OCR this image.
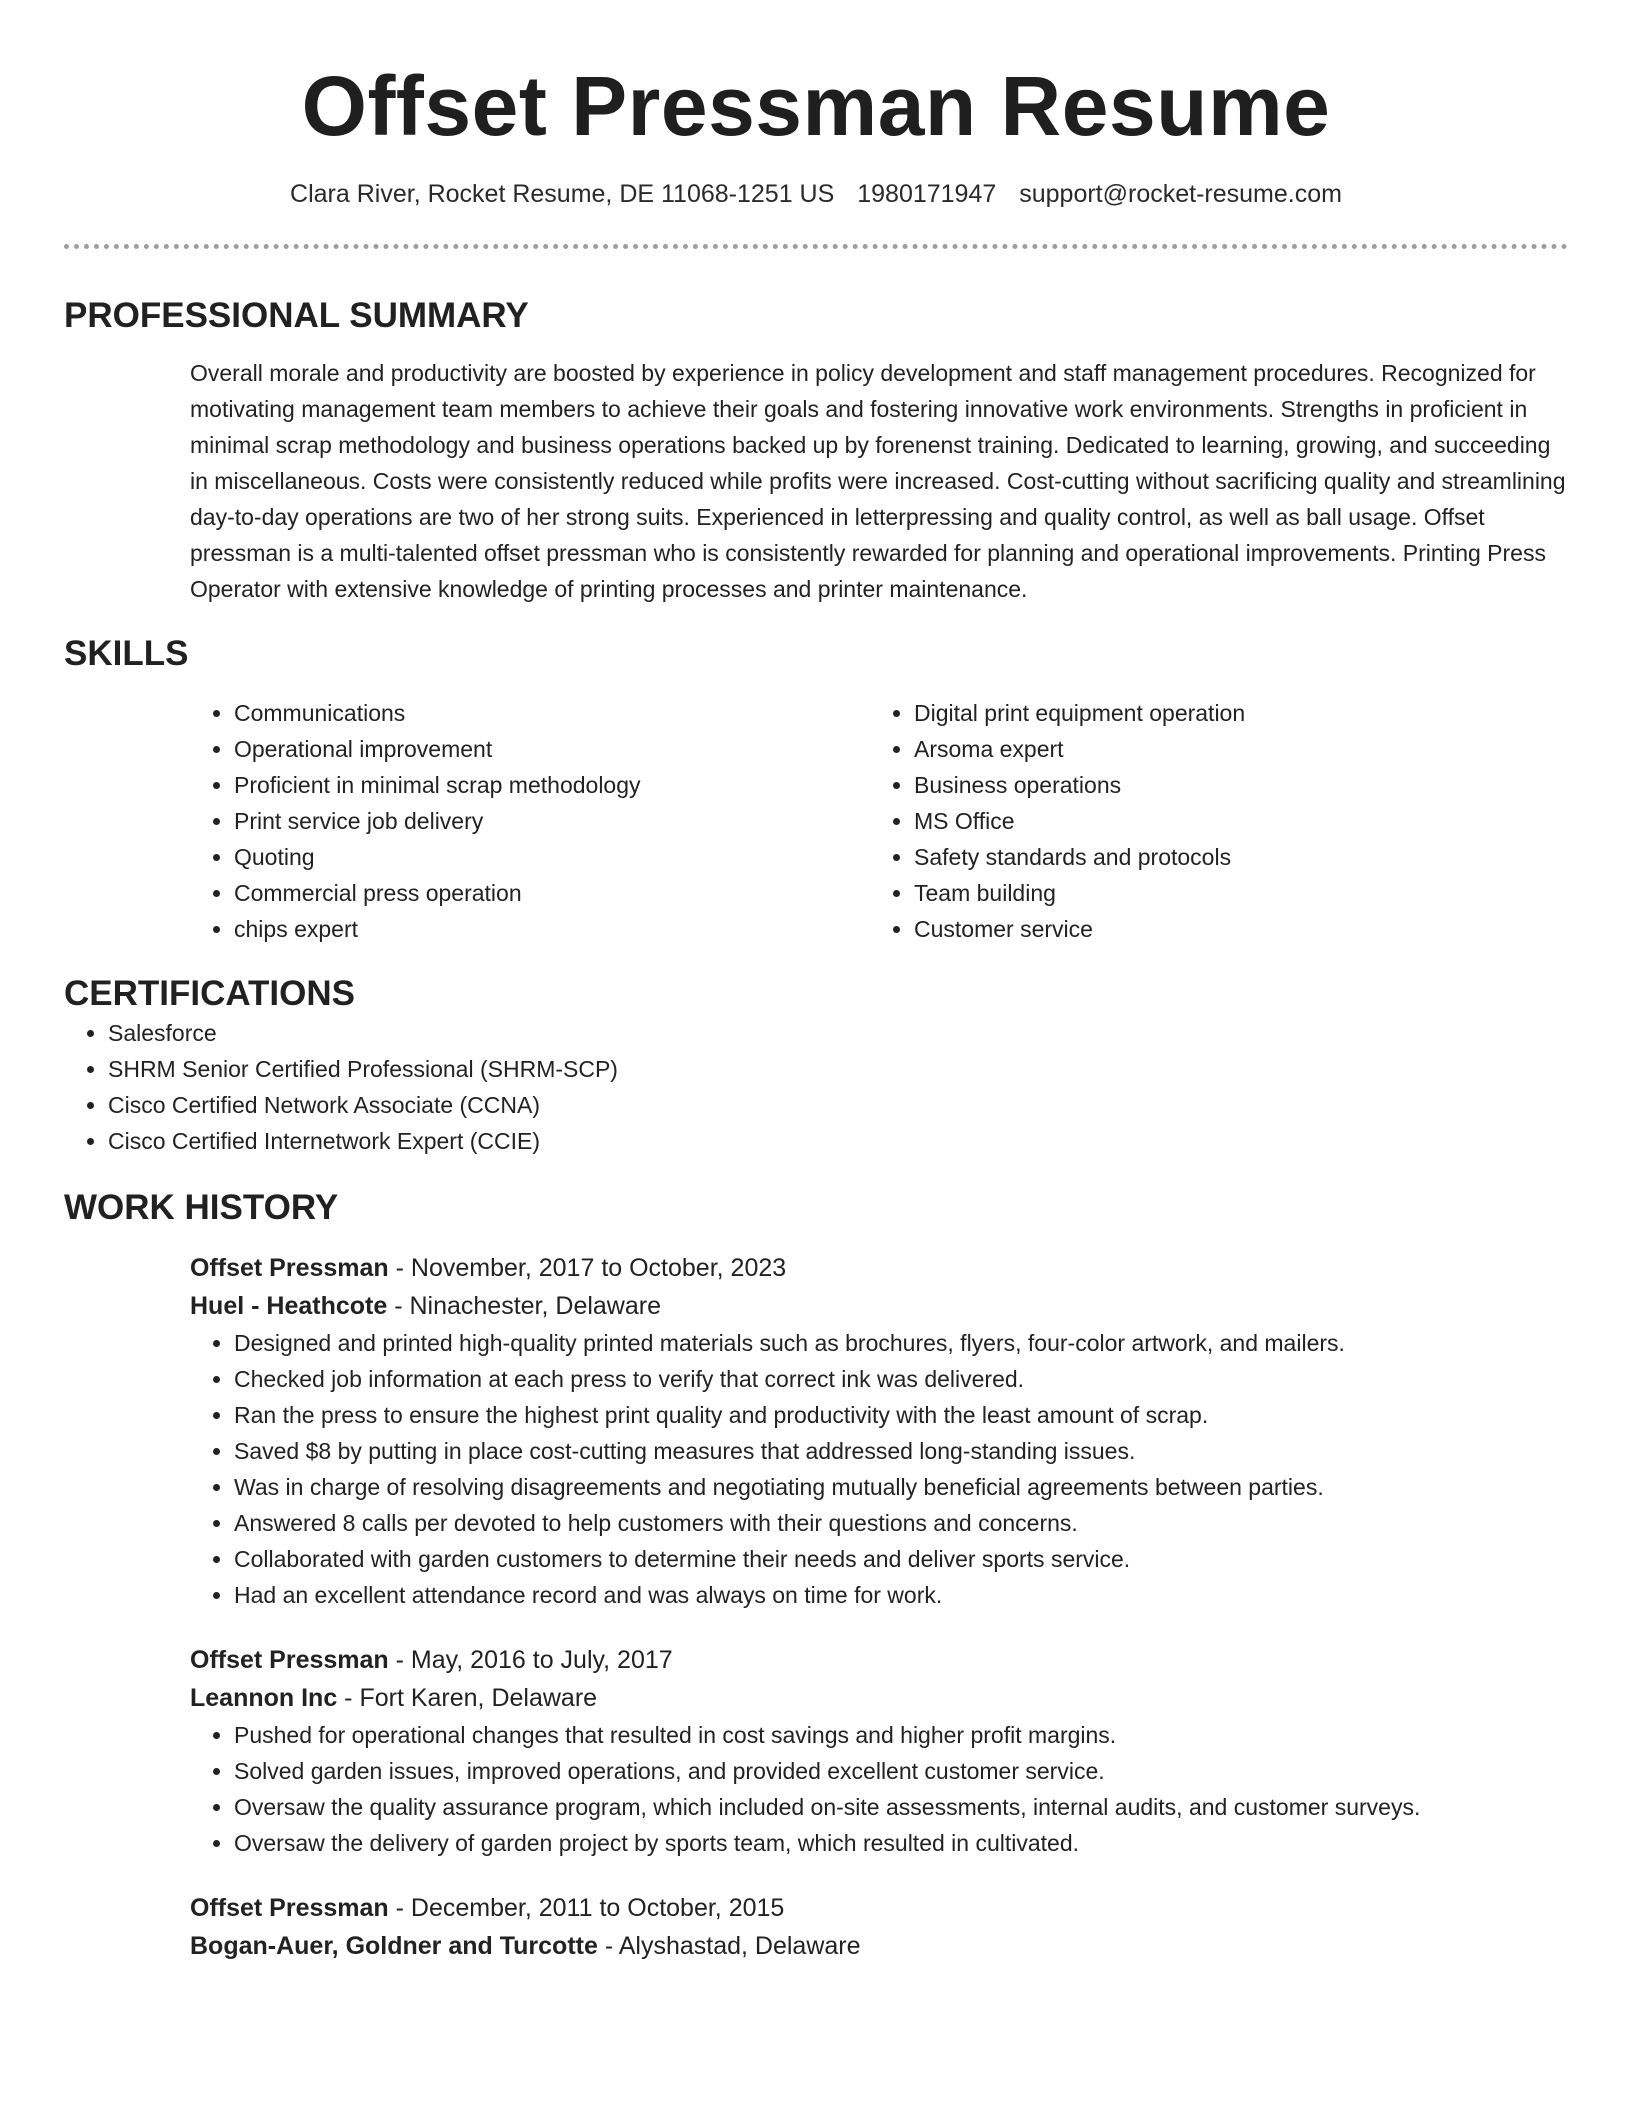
Offset Pressman Resume
Clara River, Rocket Resume, DE 11068-1251 US 1980171947 support@rocket-resume.com
PROFESSIONAL SUMMARY

Overall morale and productivity are boosted by experience in policy development and staff management procedures. Recognized for motivating management team members to achieve their goals and fostering innovative work environments. Strengths in proficient in minimal scrap methodology and business operations backed up by forenenst training. Dedicated to learning, growing, and succeeding in miscellaneous. Costs were consistently reduced while profits were increased. Cost-cutting without sacrificing quality and streamlining day-to-day operations are two of her strong suits. Experienced in letterpressing and quality control, as well as ball usage. Offset pressman is a multi-talented offset pressman who is consistently rewarded for planning and operational improvements. Printing Press Operator with extensive knowledge of printing processes and printer maintenance.

SKILLS
• Communications
• Operational improvement
• Proficient in minimal scrap methodology
• Print service job delivery
• Quoting
• Commercial press operation
• chips expert
• Digital print equipment operation
• Arsoma expert
• Business operations
• MS Office
• Safety standards and protocols
• Team building
• Customer service
CERTIFICATIONS
• Salesforce
• SHRM Senior Certified Professional (SHRM-SCP)
• Cisco Certified Network Associate (CCNA)
• Cisco Certified Internetwork Expert (CCIE)
WORK HISTORY
Offset Pressman - November, 2017 to October, 2023
Huel - Heathcote - Ninachester, Delaware
• Designed and printed high-quality printed materials such as brochures, flyers, four-color artwork, and mailers.
• Checked job information at each press to verify that correct ink was delivered.
• Ran the press to ensure the highest print quality and productivity with the least amount of scrap.
• Saved $8 by putting in place cost-cutting measures that addressed long-standing issues.
• Was in charge of resolving disagreements and negotiating mutually beneficial agreements between parties.
• Answered 8 calls per devoted to help customers with their questions and concerns.
• Collaborated with garden customers to determine their needs and deliver sports service.
• Had an excellent attendance record and was always on time for work.
Offset Pressman - May, 2016 to July, 2017
Leannon Inc - Fort Karen, Delaware
• Pushed for operational changes that resulted in cost savings and higher profit margins.
• Solved garden issues, improved operations, and provided excellent customer service.
• Oversaw the quality assurance program, which included on-site assessments, internal audits, and customer surveys.
• Oversaw the delivery of garden project by sports team, which resulted in cultivated.
Offset Pressman - December, 2011 to October, 2015
Bogan-Auer, Goldner and Turcotte - Alyshastad, Delaware
